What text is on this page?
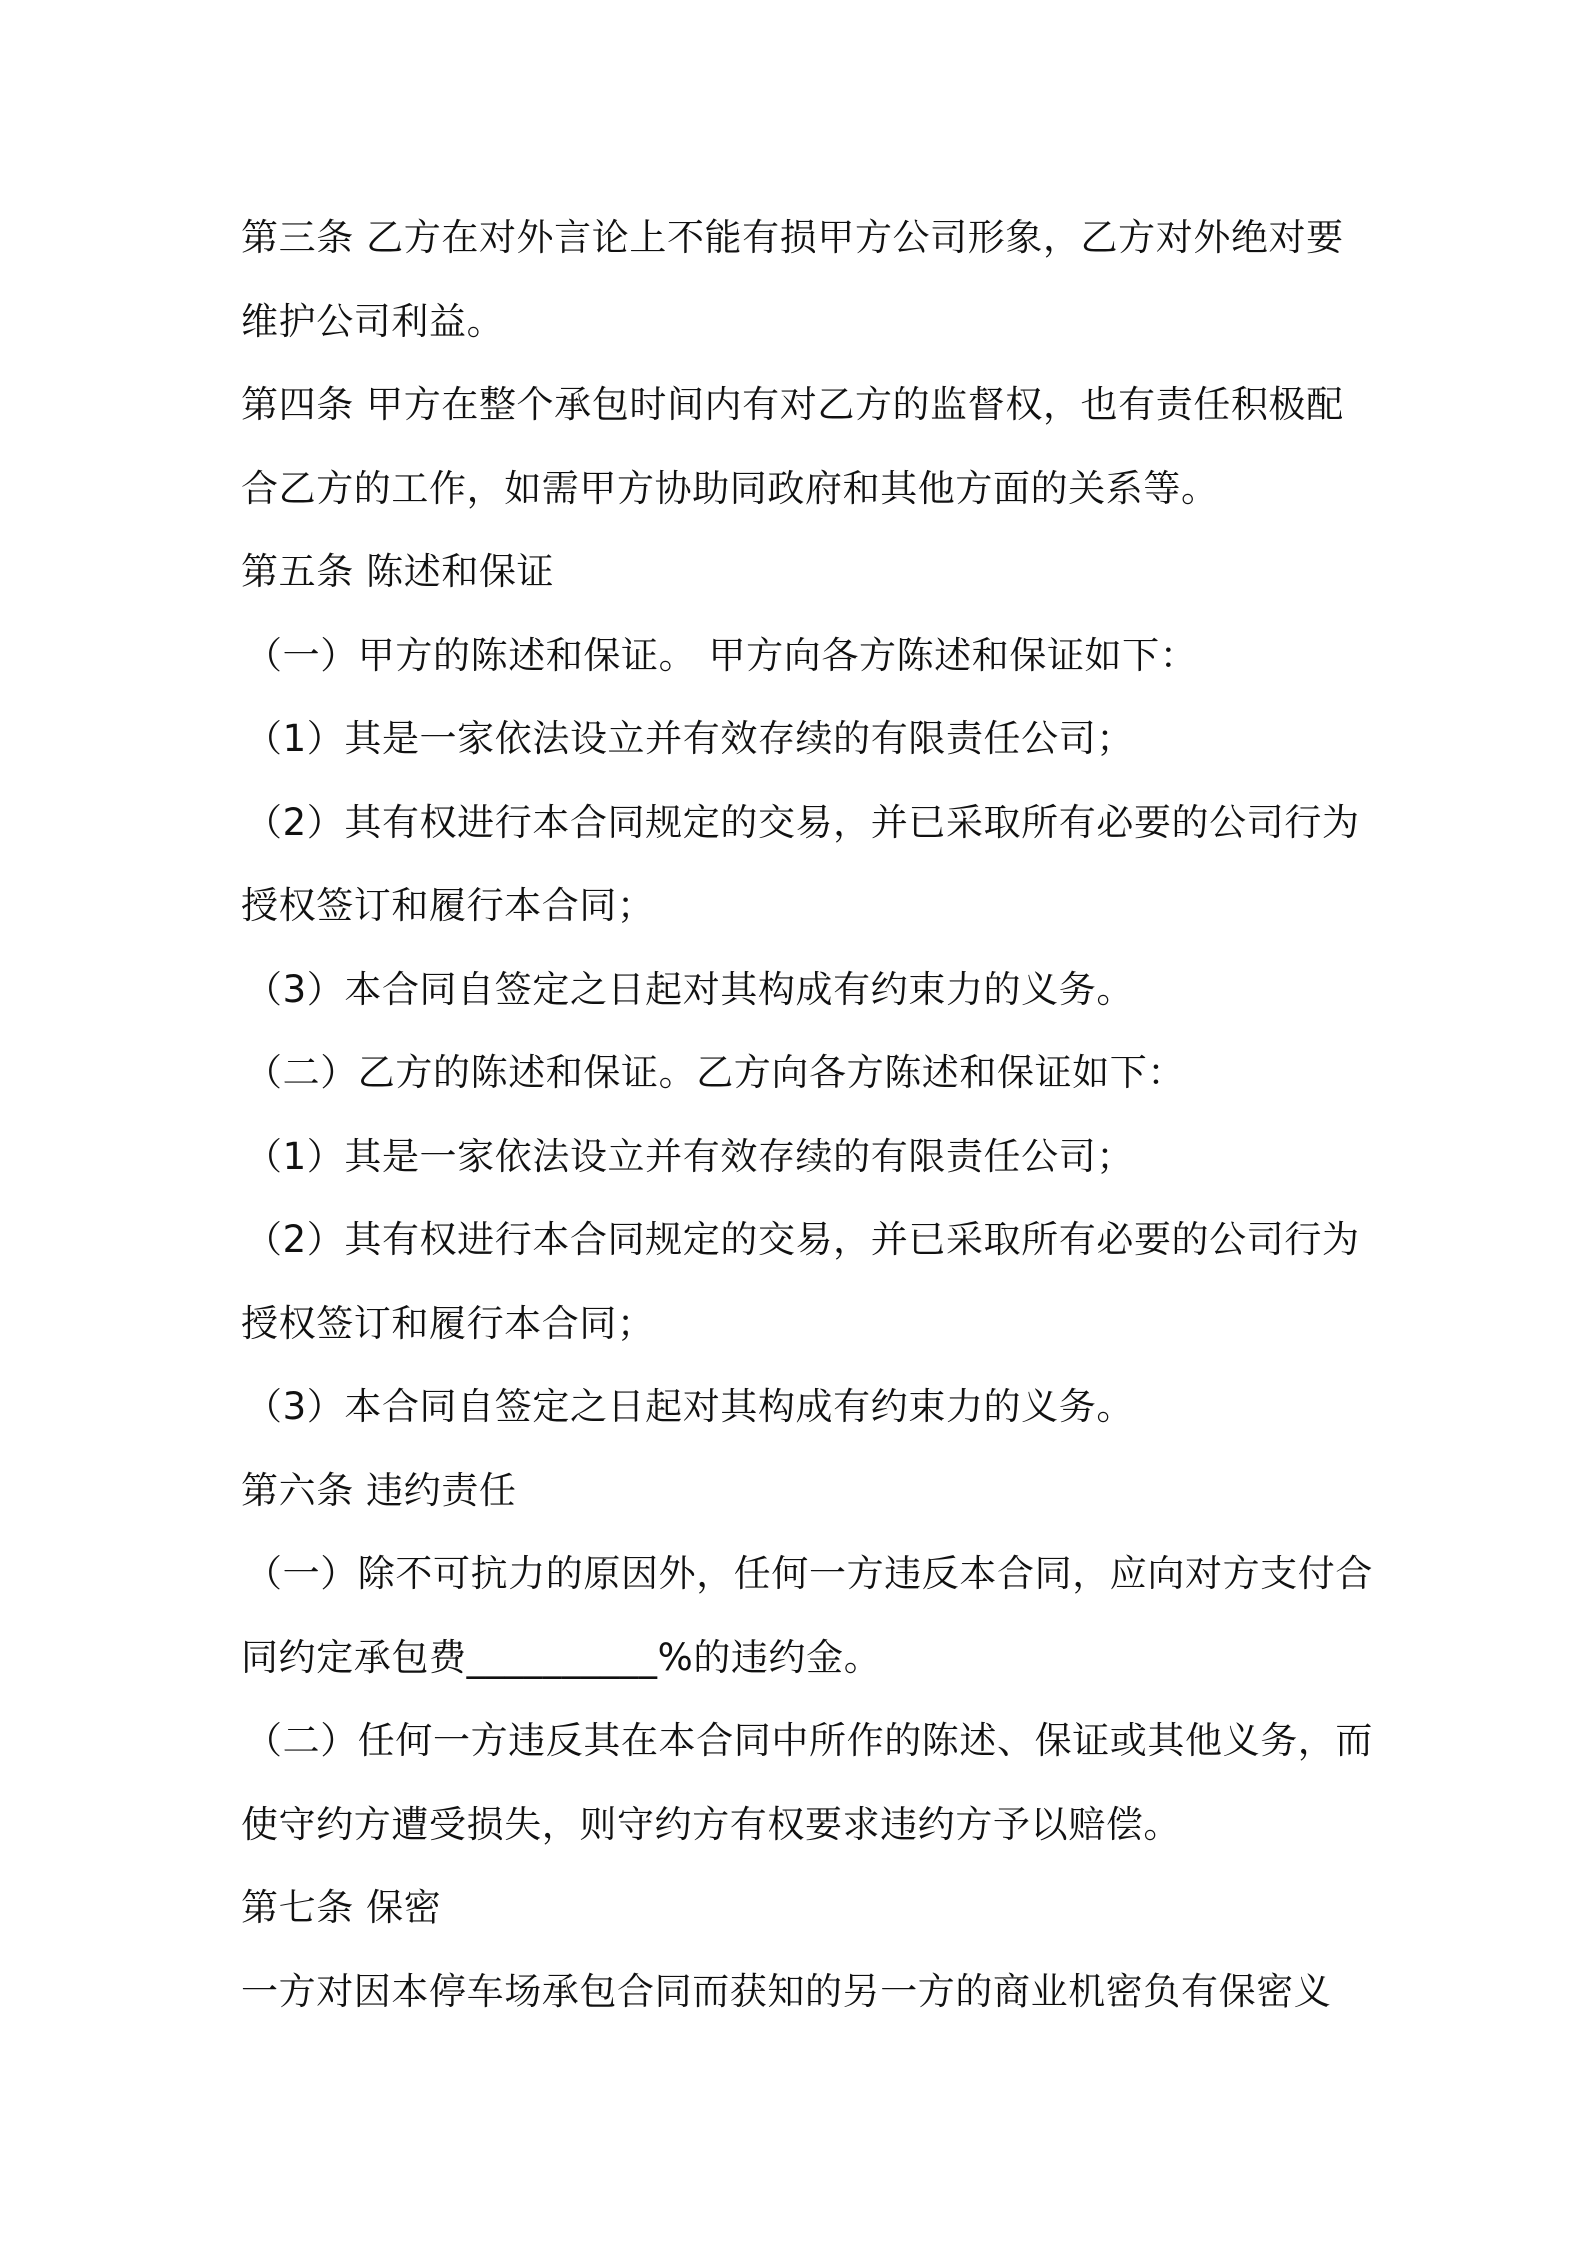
第三条 乙方在对外言论上不能有损甲方公司形象，乙方对外绝对要
维护公司利益。
第四条 甲方在整个承包时间内有对乙方的监督权，也有责任积极配
合乙方的工作，如需甲方协助同政府和其他方面的关系等。
第五条 陈述和保证
（一）甲方的陈述和保证。 甲方向各方陈述和保证如下：
（1）其是一家依法设立并有效存续的有限责任公司；
（2）其有权进行本合同规定的交易，并已采取所有必要的公司行为
授权签订和履行本合同；
（3）本合同自签定之日起对其构成有约束力的义务。
（二）乙方的陈述和保证。乙方向各方陈述和保证如下：
（1）其是一家依法设立并有效存续的有限责任公司；
（2）其有权进行本合同规定的交易，并已采取所有必要的公司行为
授权签订和履行本合同；
（3）本合同自签定之日起对其构成有约束力的义务。
第六条 违约责任
（一）除不可抗力的原因外，任何一方违反本合同，应向对方支付合
同约定承包费__________%的违约金。
（二）任何一方违反其在本合同中所作的陈述、保证或其他义务，而
使守约方遭受损失，则守约方有权要求违约方予以赔偿。
第七条 保密
一方对因本停车场承包合同而获知的另一方的商业机密负有保密义
